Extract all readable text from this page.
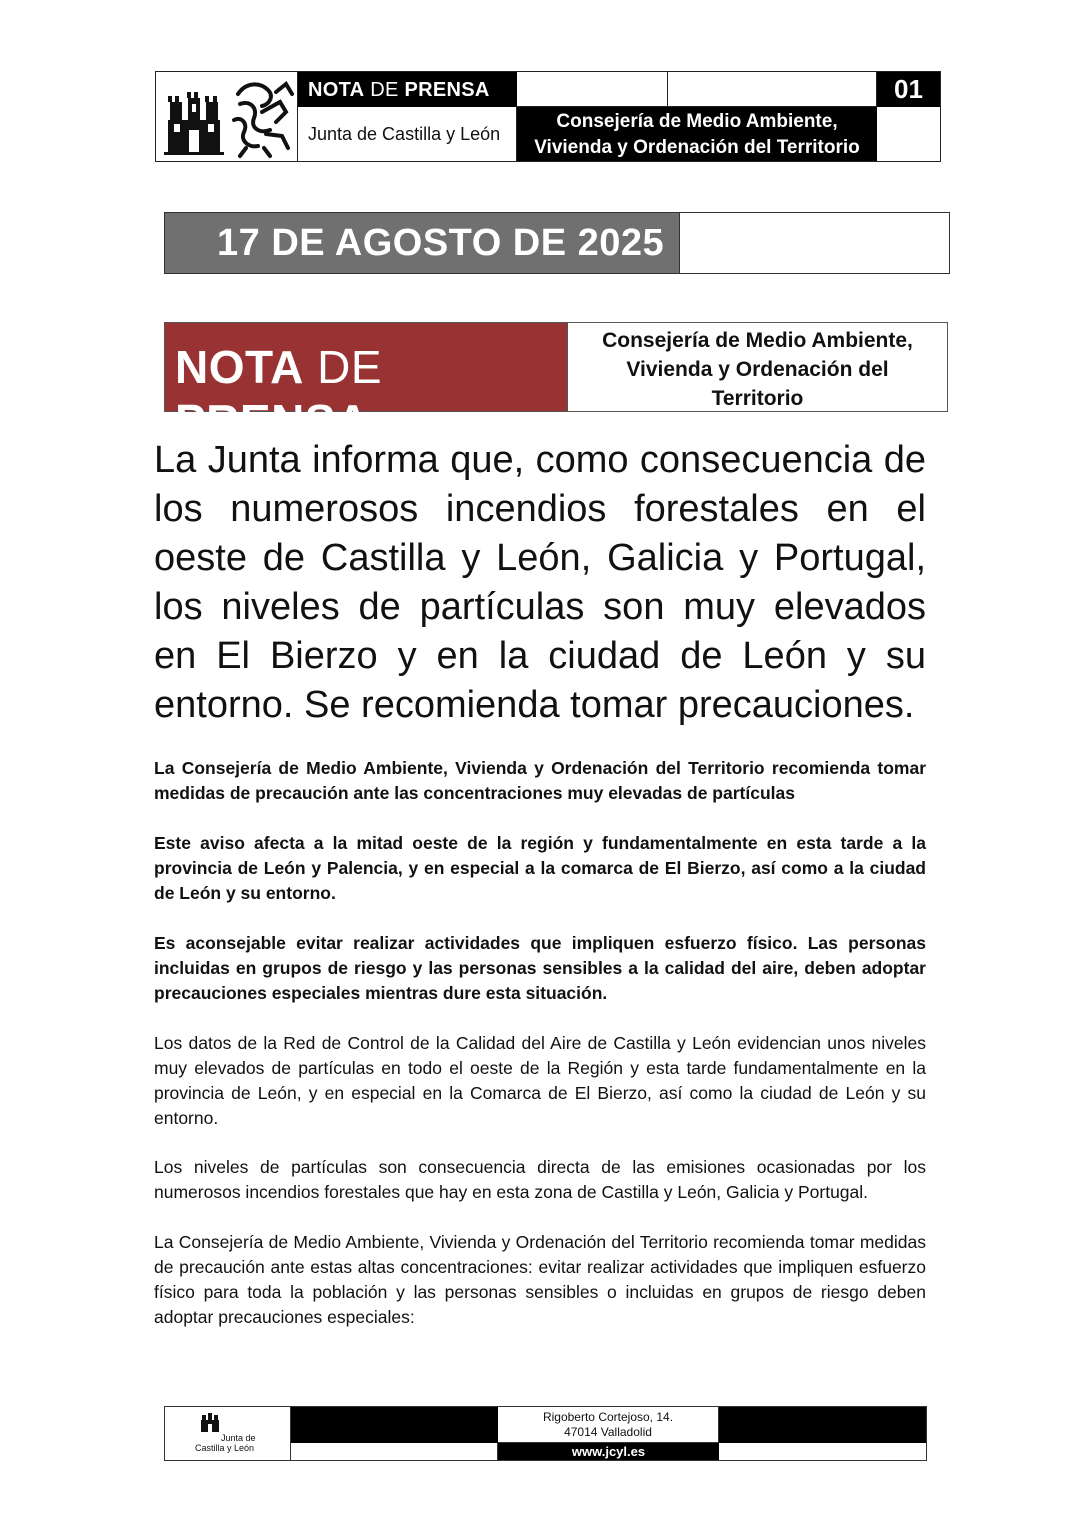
NOTA DE PRENSA
Junta de Castilla y León
01
Consejería de Medio Ambiente,
Vivienda y Ordenación del Territorio
17 DE AGOSTO DE 2025
NOTA DE PRENSA
Consejería de Medio Ambiente,
Vivienda y Ordenación del
Territorio
La Junta informa que, como consecuencia de los numerosos incendios forestales en el oeste de Castilla y León, Galicia y Portugal, los niveles de partículas son muy elevados en El Bierzo y en la ciudad de León y su entorno. Se recomienda tomar precauciones.
La Consejería de Medio Ambiente, Vivienda y Ordenación del Territorio recomienda tomar medidas de precaución ante las concentraciones muy elevadas de partículas
Este aviso afecta a la mitad oeste de la región y fundamentalmente en esta tarde a la provincia de León y Palencia, y en especial a la comarca de El Bierzo, así como a la ciudad de León y su entorno.
Es aconsejable evitar realizar actividades que impliquen esfuerzo físico. Las personas incluidas en grupos de riesgo y las personas sensibles a la calidad del aire, deben adoptar precauciones especiales mientras dure esta situación.
Los datos de la Red de Control de la Calidad del Aire de Castilla y León evidencian unos niveles muy elevados de partículas en todo el oeste de la Región y esta tarde fundamentalmente en la provincia de León, y en especial en la Comarca de El Bierzo, así como la ciudad de León y su entorno.
Los niveles de partículas son consecuencia directa de las emisiones ocasionadas por los numerosos incendios forestales que hay en esta zona de Castilla y León, Galicia y Portugal.
La Consejería de Medio Ambiente, Vivienda y Ordenación del Territorio recomienda tomar medidas de precaución ante estas altas concentraciones: evitar realizar actividades que impliquen esfuerzo físico para toda la población y las personas sensibles o incluidas en grupos de riesgo deben adoptar precauciones especiales:
Junta de
Castilla y León
Rigoberto Cortejoso, 14.
47014 Valladolid
www.jcyl.es
